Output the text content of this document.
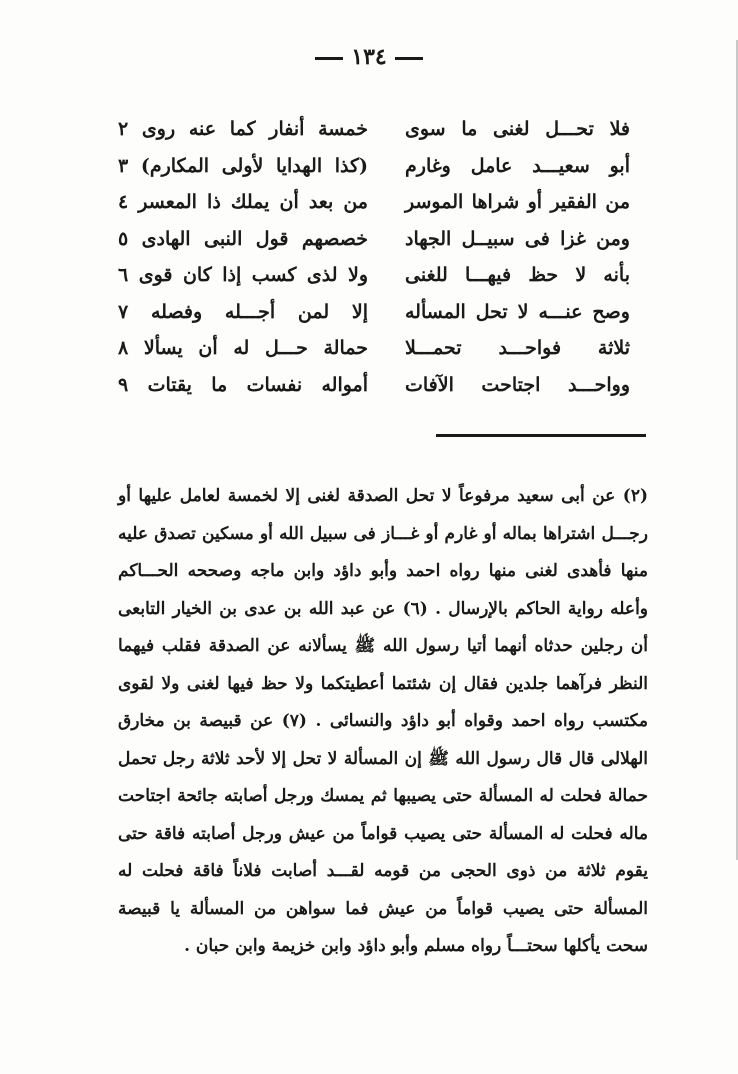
١٣٤
فلا تحـــل لغنى ما سوى
خمسة أنفار كما عنه روى ٢
أبو سعيـــد عامل وغارم
(كذا الهدايا لأولى المكارم) ٣
من الفقير أو شراها الموسر
من بعد أن يملك ذا المعسر ٤
ومن غزا فى سبيــل الجهاد
خصصهم قول النبى الهادى ٥
بأنه لا حظ فيهـــا للغنى
ولا لذى كسب إذا كان قوى ٦
وصح عنـــه لا تحل المسأله
إلا لمن أجـــله وفصله ٧
ثلاثة فواحـــد تحمـــلا
حمالة حـــل له أن يسألا ٨
وواحـــد اجتاحت الآفات
أمواله نفسات ما يقتات ٩
(٢) عن أبى سعيد مرفوعاً لا تحل الصدقة لغنى إلا لخمسة لعامل عليها أو رجـــل اشتراها بماله أو غارم أو غـــاز فى سبيل الله أو مسكين تصدق عليه منها فأهدى لغنى منها رواه احمد وأبو داؤد وابن ماجه وصححه الحـــاكم وأعله رواية الحاكم بالإرسال . (٦) عن عبد الله بن عدى بن الخيار التابعى أن رجلين حدثاه أنهما أتيا رسول الله ﷺ يسألانه عن الصدقة فقلب فيهما النظر فرآهما جلدين فقال إن شئتما أعطيتكما ولا حظ فيها لغنى ولا لقوى مكتسب رواه احمد وقواه أبو داؤد والنسائى . (٧) عن قبيصة بن مخارق الهلالى قال قال رسول الله ﷺ إن المسألة لا تحل إلا لأحد ثلاثة رجل تحمل حمالة فحلت له المسألة حتى يصيبها ثم يمسك ورجل أصابته جائحة اجتاحت ماله فحلت له المسألة حتى يصيب قواماً من عيش ورجل أصابته فاقة حتى يقوم ثلاثة من ذوى الحجى من قومه لقـــد أصابت فلاناً فاقة فحلت له المسألة حتى يصيب قواماً من عيش فما سواهن من المسألة يا قبيصة سحت يأكلها سحتـــاً رواه مسلم وأبو داؤد وابن خزيمة وابن حبان .
